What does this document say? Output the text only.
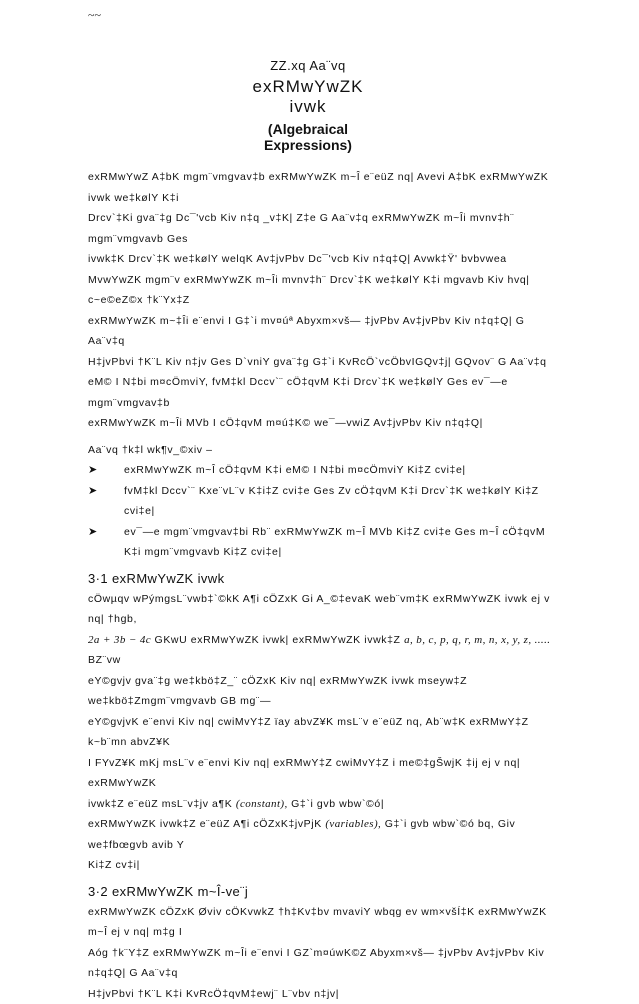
~~
ZZ.xq Aa¨vq
exRMwYwZK ivwk
(Algebraical Expressions)
exRMwYwZ A‡bK mgm¨vmgvav‡b exRMwYwZK m~Î e¨eüZ nq| Avevi A‡bK exRMwYwZK ivwk we‡kølY K‡i
Drcv`‡Ki gva¨‡g Dc¯'vcb Kiv n‡q _v‡K| Z‡e G Aa¨v‡q exRMwYwZK m~Îi mvnv‡h¨ mgm¨vmgvavb Ges
ivwk‡K Drcv`‡K we‡kølY welqK Av‡jvPbv Dc¯'vcb Kiv n‡q‡Q| Avwk‡Ÿ' bvbvwea
MvwYwZK mgm¨v exRMwYwZK m~Îi mvnv‡h¨ Drcv`‡K we‡kølY K‡i mgvavb Kiv hvq| c~e©eZ©x †k¨Yx‡Z
exRMwYwZK m~‡Îi e¨envi I G‡`i mv¤úª Abyxm×vš— ‡jvPbv Av‡jvPbv Kiv n‡q‡Q| G Aa¨v‡q
H‡jvPbvi †K¨L Kiv n‡jv Ges D`vniY gva¨‡g G‡`i KvRcÖ`vcÖbvIGQv‡j| GQvov¨ G Aa¨v‡q
eM© I N‡bi m¤cÖmviY, fvM‡kl Dccv`¨ cÖ‡qvM K‡i Drcv`‡K we‡kølY Ges ev¯—e mgm¨vmgvav‡b
exRMwYwZK m~Îi MVb I cÖ‡qvM m¤ú‡K© we¯—vwiZ Av‡jvPbv Kiv n‡q‡Q|
Aa¨vq †k‡l wk¶v_©xiv –
➤	exRMwYwZK m~Î cÖ‡qvM K‡i eM© I N‡bi m¤cÖmviY Ki‡Z cvi‡e|
➤	fvM‡kl Dccv`¨ Kxe¨vL¨v K‡i‡Z cvi‡e Ges Zv cÖ‡qvM K‡i Drcv`‡K we‡kølY Ki‡Z cvi‡e|
➤	ev¯—e mgm¨vmgvav‡bi Rb¨ exRMwYwZK m~Î MVb Ki‡Z cvi‡e Ges m~Î cÖ‡qvM K‡i mgm¨vmgvavb Ki‡Z cvi‡e|
3·1 exRMwYwZK ivwk
cÖwµqv wPýmgsL¨vwb‡`©kK A¶i cÖZxK Gi A_©‡evaK web¨vm‡K exRMwYwZK ivwk ej v nq| †hgb,
2a + 3b − 4c GKwU exRMwYwZK ivwk| exRMwYwZK ivwk‡Z a, b, c, p, q, r, m, n, x, y, z, ..... BZ¨vw
eY©gvjv gva¨‡g we‡kbö‡Z_¨ cÖZxK Kiv nq| exRMwYwZK ivwk mseyw‡Z we‡kbö‡Zmgm¨vmgvavb GB mg¨—
eY©gvjvK e¨envi Kiv nq| cwiMvY‡Z ïay abvZ¥K msL¨v e¨eüZ nq, Ab¨w‡K exRMwY‡Z k~b¨mn abvZ¥K
I FYvZ¥K mKj msL¨v e¨envi Kiv nq| exRMwY‡Z cwiMvY‡Z i me©‡gŠwjK ‡ij ej v nq| exRMwYwZK
ivwk‡Z e¨eüZ msL¨v‡jv a¶K (constant), G‡`i gvb wbw`©ó|
exRMwYwZK ivwk‡Z e¨eüZ A¶i cÖZxK‡jvPjK (variables), G‡`i gvb wbw`©ó bq, Giv we‡fbœgvb avib Y
Ki‡Z cv‡i|
3·2 exRMwYwZK m~Î-ve¨j
exRMwYwZK cÖZxK Øviv cÖKvwkZ †h‡Kv‡bv mvaviY wbqg ev wm×všÍ‡K exRMwYwZK m~Î ej v nq| m‡g I
Aóg †k¨Y‡Z exRMwYwZK m~Îi e¨envi I GZ`m¤úwK©Z Abyxm×vš— ‡jvPbv Av‡jvPbv Kiv n‡q‡Q| G Aa¨v‡q
H‡jvPbvi †K¨L K‡i KvRcÖ‡qvM‡ewj¨ L¨vbv n‡jv|
